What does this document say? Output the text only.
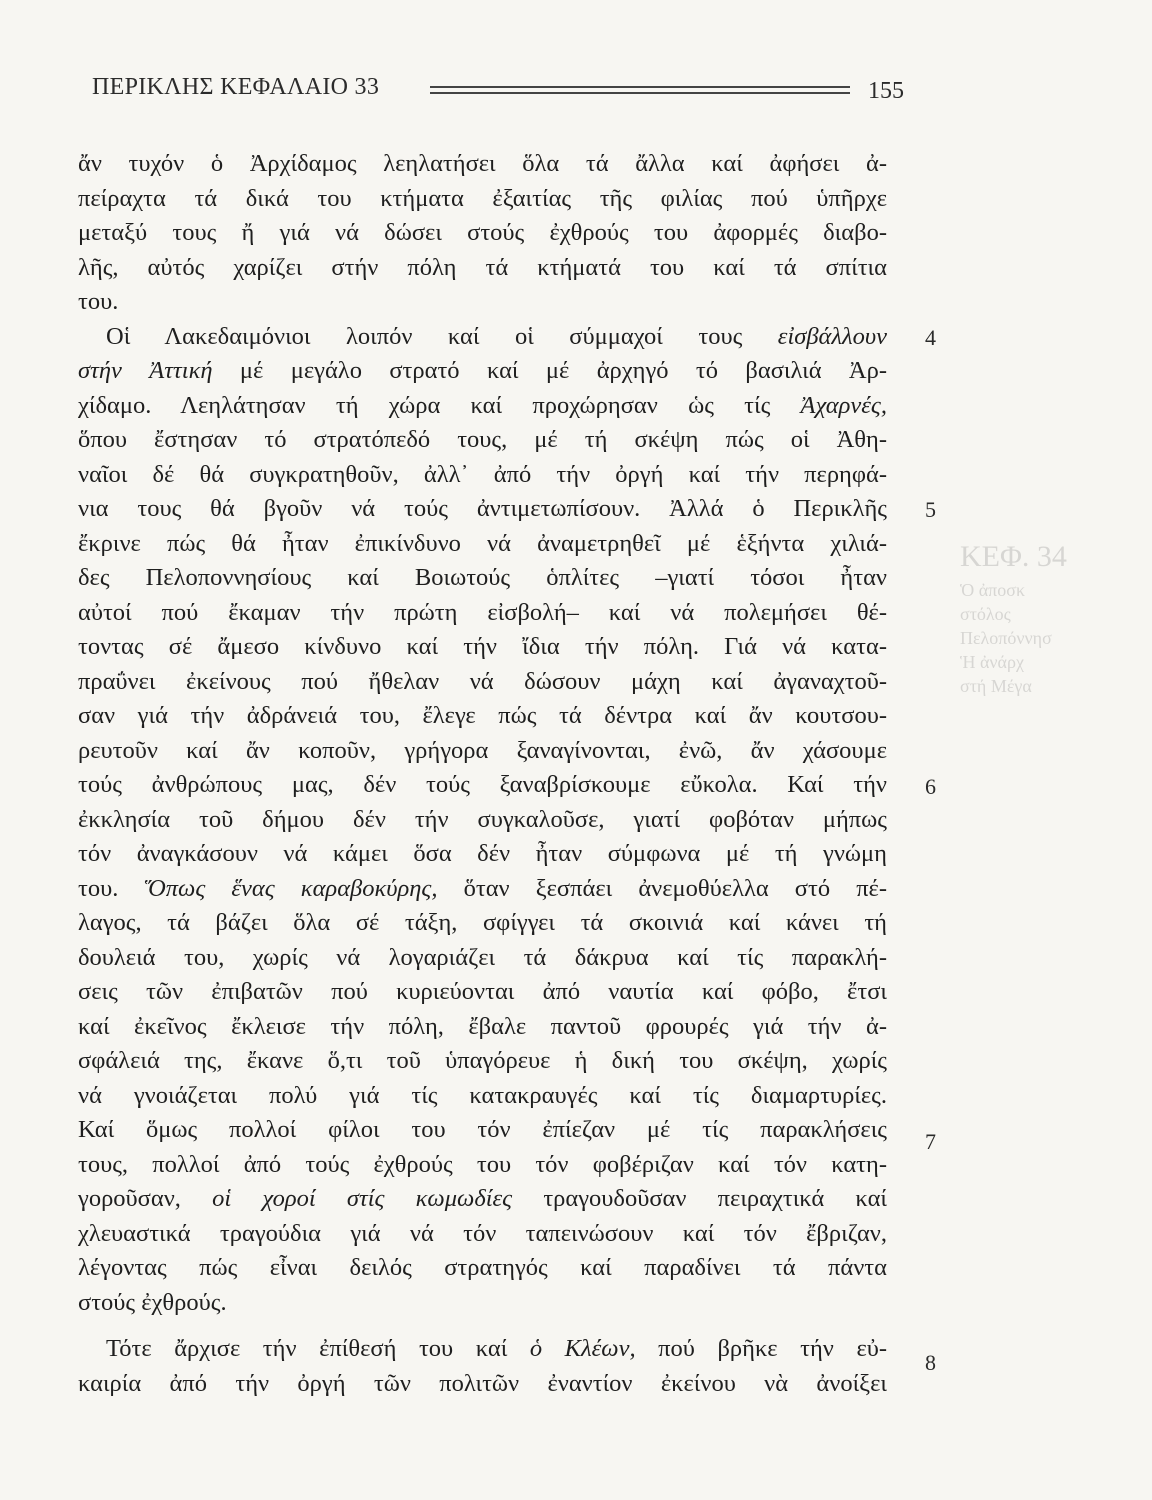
ΚΕΦ. 34
Ὁ ἀποσκ
στόλος
Πελοπόννησ
Ἡ ἀνάρχ
στή Μέγα
ΠΕΡΙΚΛΗΣ ΚΕΦΑΛΑΙΟ 33	155
4
5
6
7
8
ἄν τυχόν ὁ Ἀρχίδαμος λεηλατήσει ὅλα τά ἄλλα καί ἀφήσει ἀ-
πείραχτα τά δικά του κτήματα ἐξαιτίας τῆς φιλίας πού ὑπῆρχε
μεταξύ τους ἤ γιά νά δώσει στούς ἐχθρούς του ἀφορμές διαβο-
λῆς, αὐτός χαρίζει στήν πόλη τά κτήματά του καί τά σπίτια
του.
Οἱ Λακεδαιμόνιοι λοιπόν καί οἱ σύμμαχοί τους εἰσβάλλουν
στήν Ἀττική μέ μεγάλο στρατό καί μέ ἀρχηγό τό βασιλιά Ἀρ-
χίδαμο. Λεηλάτησαν τή χώρα καί προχώρησαν ὡς τίς Ἀχαρνές,
ὅπου ἔστησαν τό στρατόπεδό τους, μέ τή σκέψη πώς οἱ Ἀθη-
ναῖοι δέ θά συγκρατηθοῦν, ἀλλ᾽ ἀπό τήν ὀργή καί τήν περηφά-
νια τους θά βγοῦν νά τούς ἀντιμετωπίσουν. Ἀλλά ὁ Περικλῆς
ἔκρινε πώς θά ἦταν ἐπικίνδυνο νά ἀναμετρηθεῖ μέ ἑξήντα χιλιά-
δες Πελοποννησίους καί Βοιωτούς ὁπλίτες –γιατί τόσοι ἦταν
αὐτοί πού ἔκαμαν τήν πρώτη εἰσβολή– καί νά πολεμήσει θέ-
τοντας σέ ἄμεσο κίνδυνο καί τήν ἴδια τήν πόλη. Γιά νά κατα-
πραΰνει ἐκείνους πού ἤθελαν νά δώσουν μάχη καί ἀγαναχτοῦ-
σαν γιά τήν ἀδράνειά του, ἔλεγε πώς τά δέντρα καί ἄν κουτσου-
ρευτοῦν καί ἄν κοποῦν, γρήγορα ξαναγίνονται, ἐνῶ, ἄν χάσουμε
τούς ἀνθρώπους μας, δέν τούς ξαναβρίσκουμε εὔκολα. Καί τήν
ἐκκλησία τοῦ δήμου δέν τήν συγκαλοῦσε, γιατί φοβόταν μήπως
τόν ἀναγκάσουν νά κάμει ὅσα δέν ἦταν σύμφωνα μέ τή γνώμη
του. Ὅπως ἕνας καραβοκύρης, ὅταν ξεσπάει ἀνεμοθύελλα στό πέ-
λαγος, τά βάζει ὅλα σέ τάξη, σφίγγει τά σκοινιά καί κάνει τή
δουλειά του, χωρίς νά λογαριάζει τά δάκρυα καί τίς παρακλή-
σεις τῶν ἐπιβατῶν πού κυριεύονται ἀπό ναυτία καί φόβο, ἔτσι
καί ἐκεῖνος ἔκλεισε τήν πόλη, ἔβαλε παντοῦ φρουρές γιά τήν ἀ-
σφάλειά της, ἔκανε ὅ,τι τοῦ ὑπαγόρευε ἡ δική του σκέψη, χωρίς
νά γνοιάζεται πολύ γιά τίς κατακραυγές καί τίς διαμαρτυρίες.
Καί ὅμως πολλοί φίλοι του τόν ἐπίεζαν μέ τίς παρακλήσεις
τους, πολλοί ἀπό τούς ἐχθρούς του τόν φοβέριζαν καί τόν κατη-
γοροῦσαν, οἱ χοροί στίς κωμωδίες τραγουδοῦσαν πειραχτικά καί
χλευαστικά τραγούδια γιά νά τόν ταπεινώσουν καί τόν ἔβριζαν,
λέγοντας πώς εἶναι δειλός στρατηγός καί παραδίνει τά πάντα
στούς ἐχθρούς.
Τότε ἄρχισε τήν ἐπίθεσή του καί ὁ Κλέων, πού βρῆκε τήν εὐ-
καιρία ἀπό τήν ὀργή τῶν πολιτῶν ἐναντίον ἐκείνου νὰ ἀνοίξει
